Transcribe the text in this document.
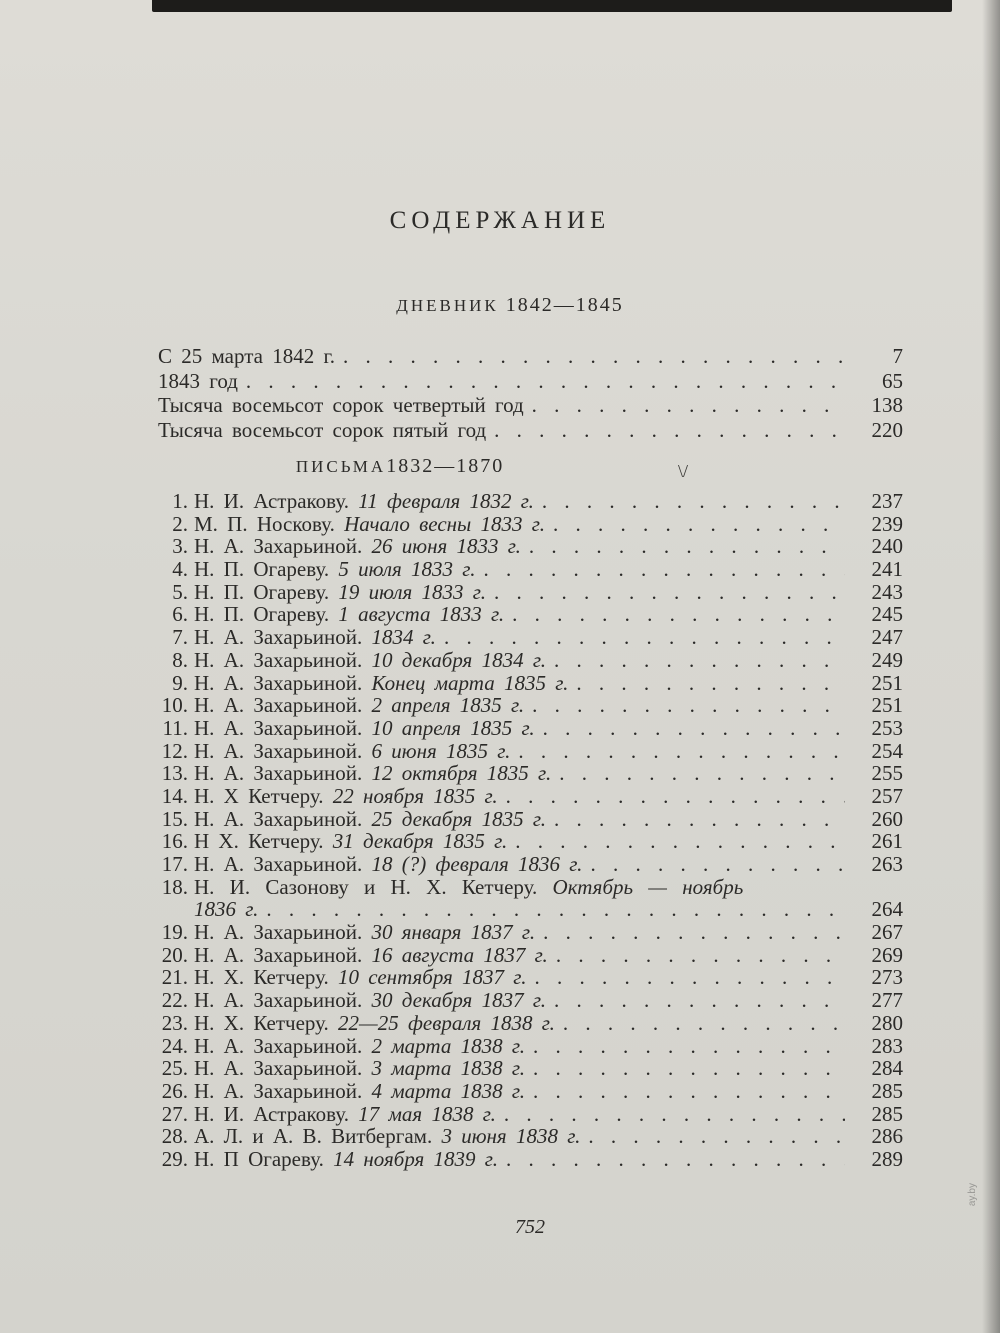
СОДЕРЖАНИЕ
ДНЕВНИК 1842—1845
С 25 марта 1842 г. . . .	7
1843 год . . .	65
Тысяча восемьсот сорок четвертый год . . .	138
Тысяча восемьсот сорок пятый год . . .	220
ПИСЬМА1832—1870	\/
1. Н. И. Астракову. 11 февраля 1832 г. . . .	237
2. М. П. Носкову. Начало весны 1833 г. . . .	239
3. Н. А. Захарьиной. 26 июня 1833 г. . . .	240
4. Н. П. Огареву. 5 июля 1833 г. . . .	241
5. Н. П. Огареву. 19 июля 1833 г. . . .	243
6. Н. П. Огареву. 1 августа 1833 г. . . .	245
7. Н. А. Захарьиной. 1834 г. . . .	247
8. Н. А. Захарьиной. 10 декабря 1834 г. . . .	249
9. Н. А. Захарьиной. Конец марта 1835 г. . . .	251
10. Н. А. Захарьиной. 2 апреля 1835 г. . . .	251
11. Н. А. Захарьиной. 10 апреля 1835 г. . . .	253
12. Н. А. Захарьиной. 6 июня 1835 г. . . .	254
13. Н. А. Захарьиной. 12 октября 1835 г. . . .	255
14. Н. Х Кетчеру. 22 ноября 1835 г. . . .	257
15. Н. А. Захарьиной. 25 декабря 1835 г. . . .	260
16. Н Х. Кетчеру. 31 декабря 1835 г. . . .	261
17. Н. А. Захарьиной. 18 (?) февраля 1836 г. . . .	263
18. Н. И. Сазонову и Н. Х. Кетчеру. Октябрь — ноябрь
1836 г. . . .	264
19. Н. А. Захарьиной. 30 января 1837 г. . . .	267
20. Н. А. Захарьиной. 16 августа 1837 г. . . .	269
21. Н. Х. Кетчеру. 10 сентября 1837 г. . . .	273
22. Н. А. Захарьиной. 30 декабря 1837 г. . . .	277
23. Н. Х. Кетчеру. 22—25 февраля 1838 г. . . .	280
24. Н. А. Захарьиной. 2 марта 1838 г. . . .	283
25. Н. А. Захарьиной. 3 марта 1838 г. . . .	284
26. Н. А. Захарьиной. 4 марта 1838 г. . . .	285
27. Н. И. Астракову. 17 мая 1838 г. . . .	285
28. А. Л. и А. В. Витбергам. 3 июня 1838 г. . . .	286
29. Н. П Огареву. 14 ноября 1839 г. . . .	289
752
ay.by
